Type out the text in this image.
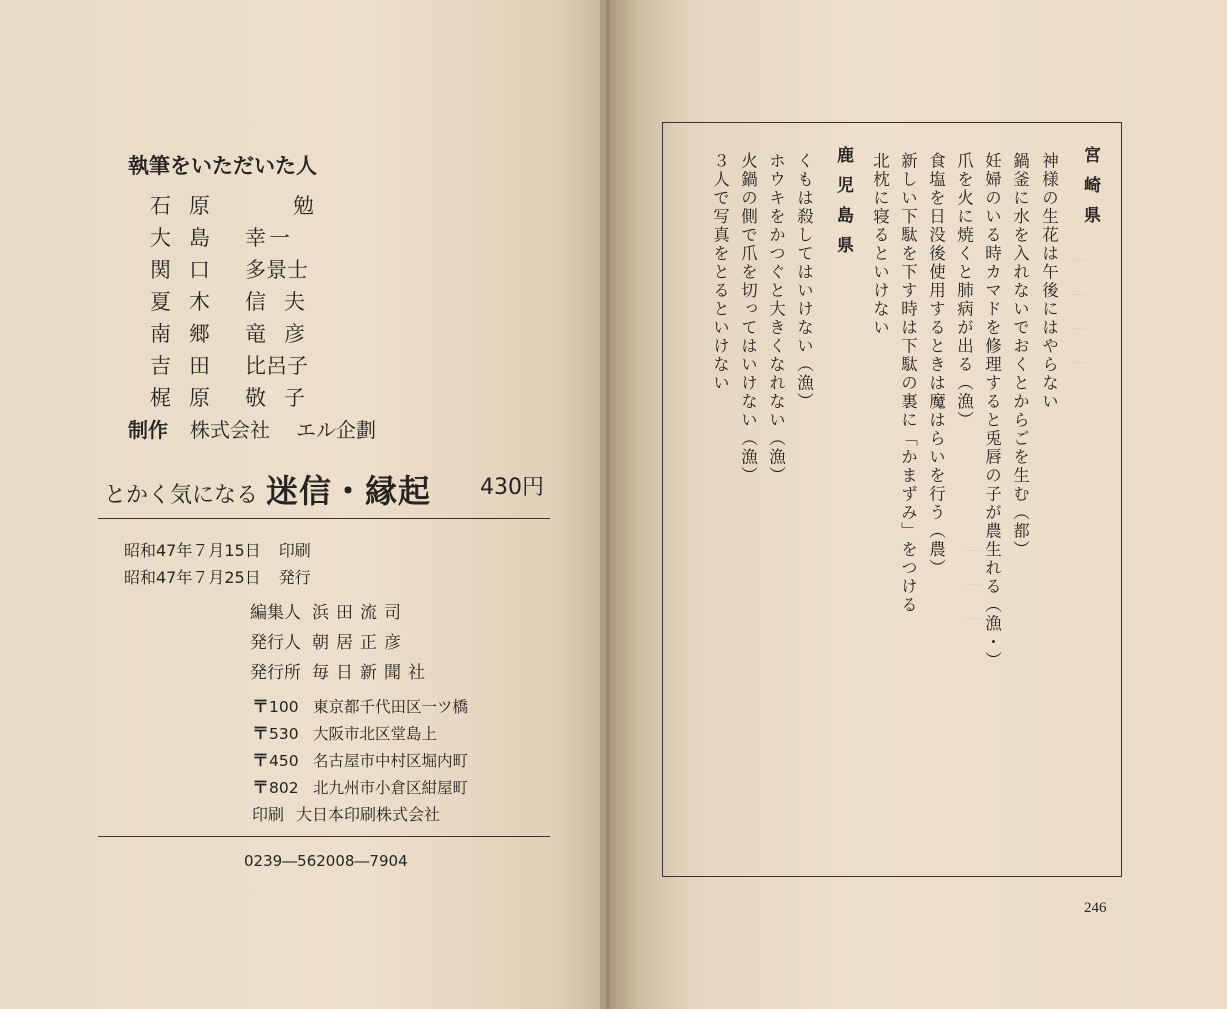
執筆をいただいた人
石原	勉
大島 幸一
関口 多景士
夏木 信夫
南郷 竜彦
吉田 比呂子
梶原 敬子
制作 株式会社 エル企劃
とかく気になる 迷信・縁起 430円
昭和47年７月15日 印刷
昭和47年７月25日 発行
編集人 浜田流司
発行人 朝居正彦
発行所 毎日新聞社
〒100 東京都千代田区一ツ橋
〒530 大阪市北区堂島上
〒450 名古屋市中村区堀内町
〒802 北九州市小倉区紺屋町
印刷 大日本印刷株式会社
0239―562008―7904
｜　｜　｜　｜
｜　｜　｜
宮崎県
神様の生花は午後にはやらない
鍋釜に水を入れないでおくとからごを生む（都）
妊婦のいる時カマドを修理すると兎唇の子が農生れる（漁・）
爪を火に焼くと肺病が出る（漁）
食塩を日没後使用するときは魔はらいを行う（農）
新しい下駄を下す時は下駄の裏に「かまずみ」をつける
北枕に寝るといけない
鹿児島県
くもは殺してはいけない（漁）
ホウキをかつぐと大きくなれない（漁）
火鍋の側で爪を切ってはいけない（漁）
３人で写真をとるといけない
246
